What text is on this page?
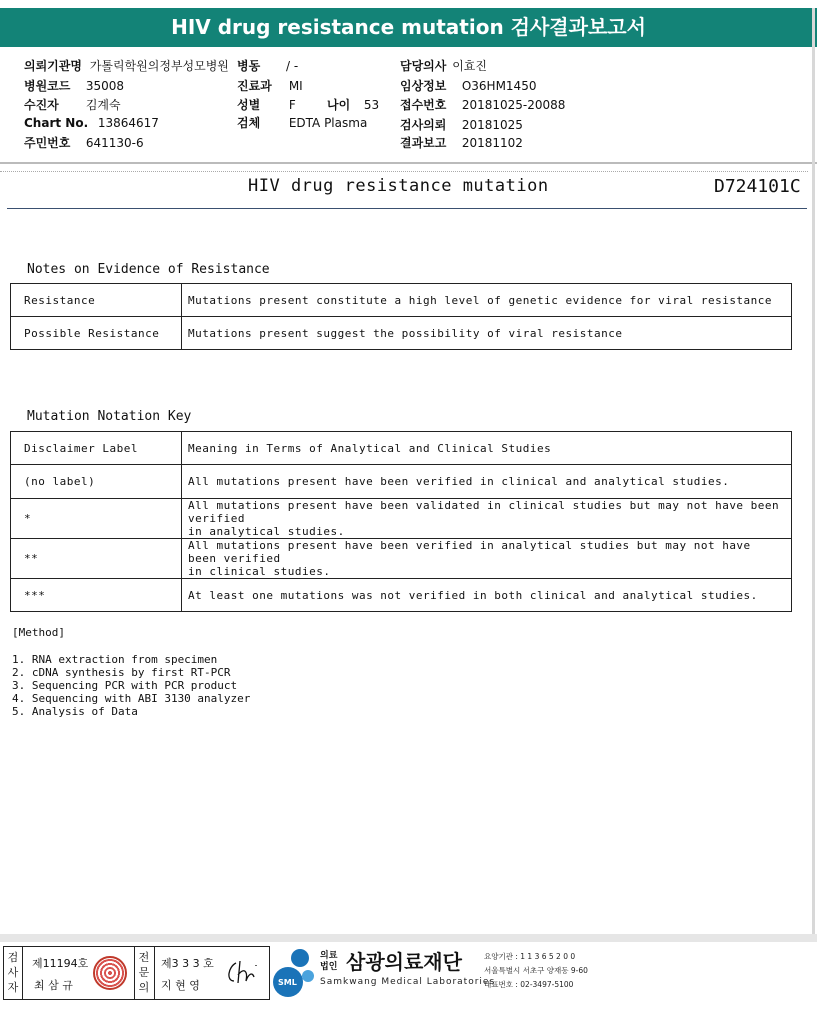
HIV drug resistance mutation 검사결과보고서
의뢰기관명 가톨릭학원의정부성모병원 병동 / -	담당의사 이효진
병원코드 35008	진료과 MI	임상정보 O36HM1450
수진자 김계숙	성별 F	나이 53 접수번호 20181025-20088
Chart No. 13864617	검체 EDTA Plasma	검사의뢰 20181025
주민번호 641130-6	결과보고 20181102
HIV drug resistance mutation	D724101C
Notes on Evidence of Resistance
Resistance	Mutations present constitute a high level of genetic evidence for viral resistance
Possible Resistance	Mutations present suggest the possibility of viral resistance
Mutation Notation Key
Disclaimer Label	Meaning in Terms of Analytical and Clinical Studies
(no label)	All mutations present have been verified in clinical and analytical studies.
*	All mutations present have been validated in clinical studies but may not have been verified
in analytical studies.

**	All mutations present have been verified in analytical studies but may not have been verified
in clinical studies.

***	At least one mutations was not verified in both clinical and analytical studies.
[Method]
1. RNA extraction from specimen
2. cDNA synthesis by first RT-PCR
3. Sequencing PCR with PCR product
4. Sequencing with ABI 3130 analyzer
5. Analysis of Data
검사자
제11194호
최 삼 규
전문의
제3 3 3 호
지 현 영	SML
의료법인 삼광의료재단
Samkwang Medical Laboratories
요양기관 : 1 1 3 6 5 2 0 0
서울특별시 서초구 양재동 9-60
대표번호 : 02-3497-5100
